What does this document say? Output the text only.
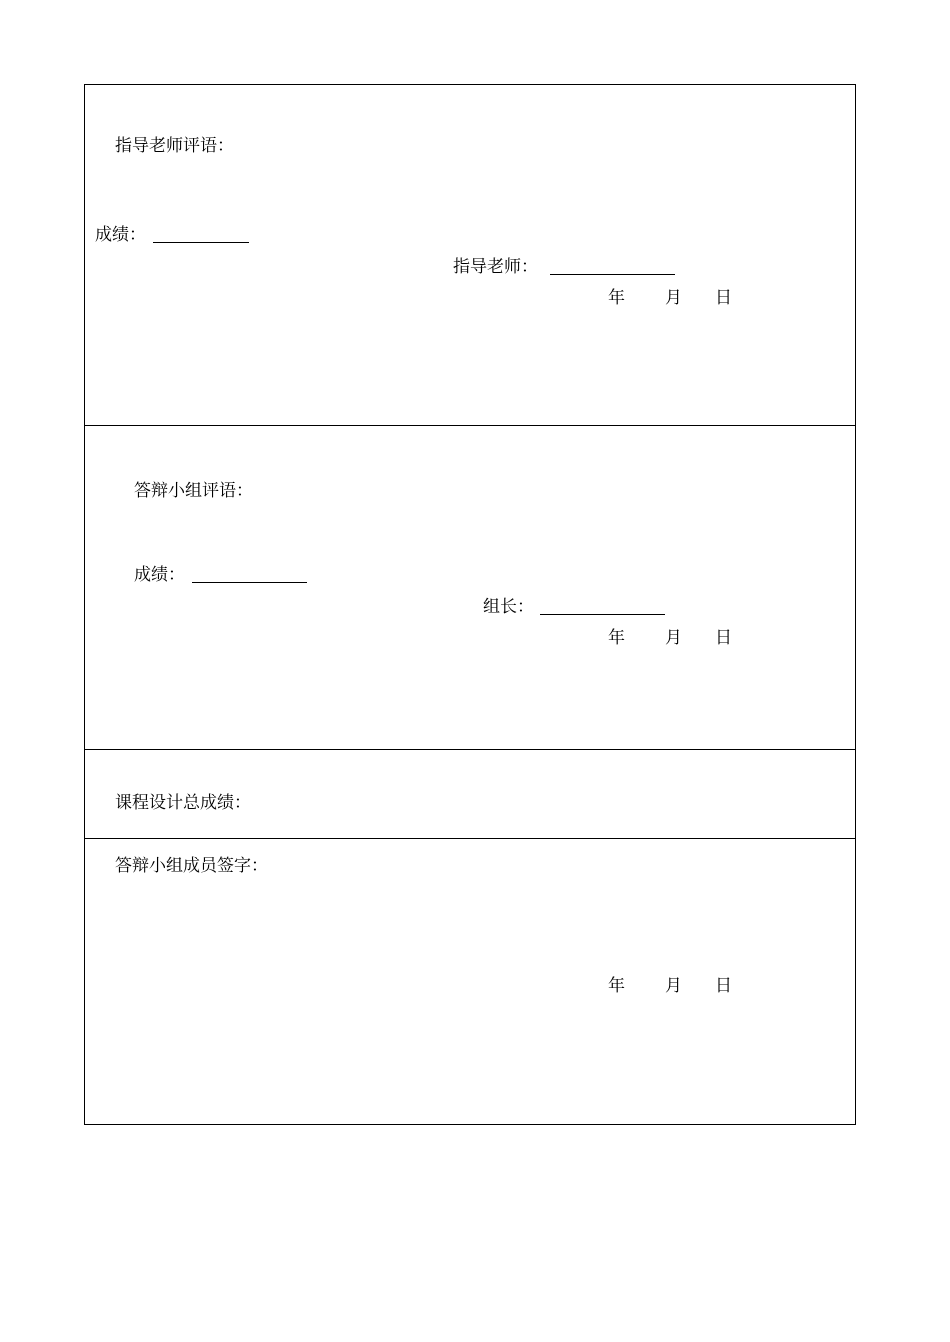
指导老师评语：
成绩：
指导老师：
年 月 日
答辩小组评语：
成绩：
组长：
年 月 日
课程设计总成绩：
答辩小组成员签字：
年 月 日
